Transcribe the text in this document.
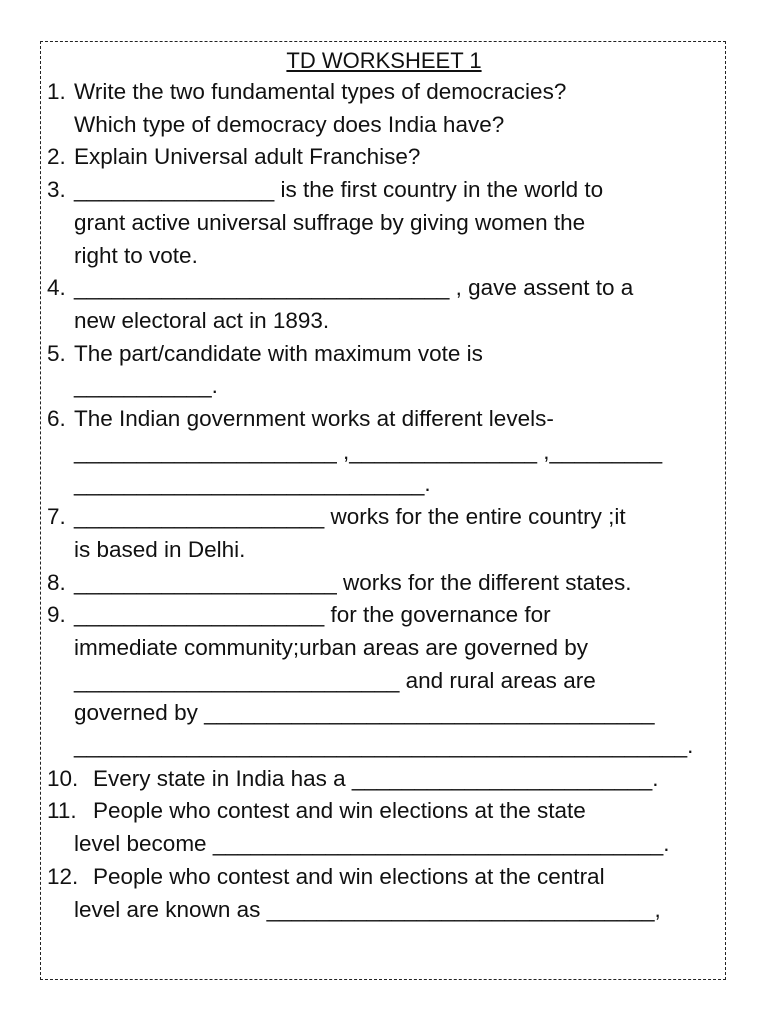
TD WORKSHEET 1
1. Write the two fundamental types of democracies?
Which type of democracy does India have?
2. Explain Universal adult Franchise?
3. ________________ is the first country in the world to
grant active universal suffrage by giving women the
right to vote.
4. ______________________________ , gave assent to a
new electoral act in 1893.
5. The part/candidate with maximum vote is
___________.
6. The Indian government works at different levels-
_____________________ ,_______________ ,_________
____________________________.
7. ____________________ works for the entire country ;it
is based in Delhi.
8. _____________________ works for the different states.
9. ____________________ for the governance for
immediate community;urban areas are governed by
__________________________ and rural areas are
governed by ____________________________________
_________________________________________________.
10. Every state in India has a ________________________.
11. People who contest and win elections at the state
level become ____________________________________.
12. People who contest and win elections at the central
level are known as _______________________________,
